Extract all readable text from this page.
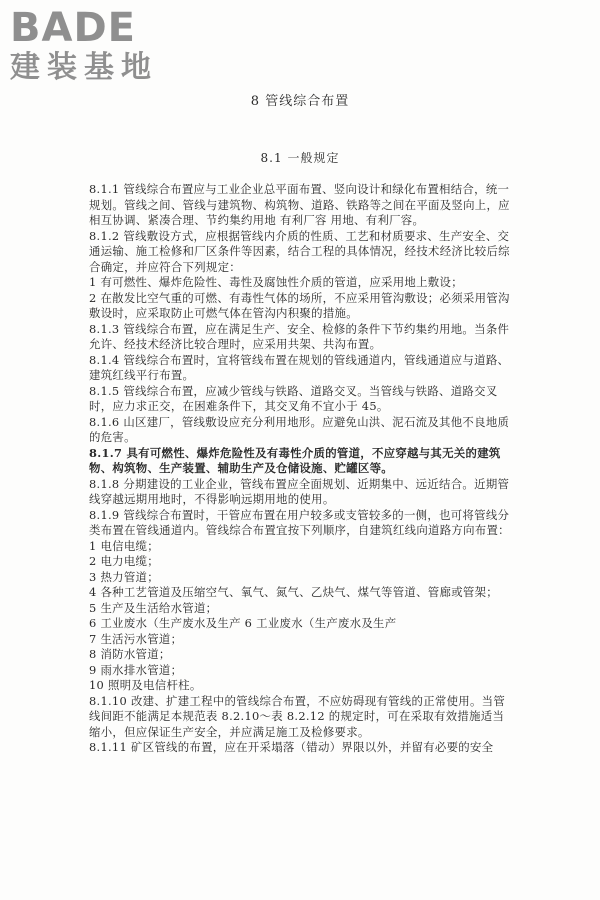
BADE
建装基地
8 管线综合布置
8.1 一般规定

8.1.1 管线综合布置应与工业企业总平面布置、竖向设计和绿化布置相结合，统一规划。管线之间、管线与建筑物、构筑物、道路、铁路等之间在平面及竖向上，应相互协调、紧凑合理、节约集约用地 有利厂容 用地、有利厂容。

8.1.2 管线敷设方式，应根据管线内介质的性质、工艺和材质要求、生产安全、交通运输、施工检修和厂区条件等因素，结合工程的具体情况，经技术经济比较后综合确定，并应符合下列规定：

1 有可燃性、爆炸危险性、毒性及腐蚀性介质的管道，应采用地上敷设；

2 在散发比空气重的可燃、有毒性气体的场所，不应采用管沟敷设；必须采用管沟敷设时，应采取防止可燃气体在管沟内积聚的措施。

8.1.3 管线综合布置，应在满足生产、安全、检修的条件下节约集约用地。当条件允许、经技术经济比较合理时，应采用共架、共沟布置。

8.1.4 管线综合布置时，宜将管线布置在规划的管线通道内，管线通道应与道路、建筑红线平行布置。

8.1.5 管线综合布置，应减少管线与铁路、道路交叉。当管线与铁路、道路交叉时，应力求正交，在困难条件下，其交叉角不宜小于 45。

8.1.6 山区建厂，管线敷设应充分利用地形。应避免山洪、泥石流及其他不良地质的危害。

8.1.7 具有可燃性、爆炸危险性及有毒性介质的管道，不应穿越与其无关的建筑物、构筑物、生产装置、辅助生产及仓储设施、贮罐区等。

8.1.8 分期建设的工业企业，管线布置应全面规划、近期集中、远近结合。近期管线穿越远期用地时，不得影响远期用地的使用。

8.1.9 管线综合布置时，干管应布置在用户较多或支管较多的一侧，也可将管线分类布置在管线通道内。管线综合布置宜按下列顺序，自建筑红线向道路方向布置：

1 电信电缆；

2 电力电缆；

3 热力管道；

4 各种工艺管道及压缩空气、氧气、氮气、乙炔气、煤气等管道、管廊或管架；

5 生产及生活给水管道；

6 工业废水（生产废水及生产 6 工业废水（生产废水及生产

7 生活污水管道；

8 消防水管道；

9 雨水排水管道；

10 照明及电信杆柱。

8.1.10 改建、扩建工程中的管线综合布置，不应妨碍现有管线的正常使用。当管线间距不能满足本规范表 8.2.10～表 8.2.12 的规定时，可在采取有效措施适当缩小，但应保证生产安全，并应满足施工及检修要求。

8.1.11 矿区管线的布置，应在开采塌落（错动）界限以外，并留有必要的安全
